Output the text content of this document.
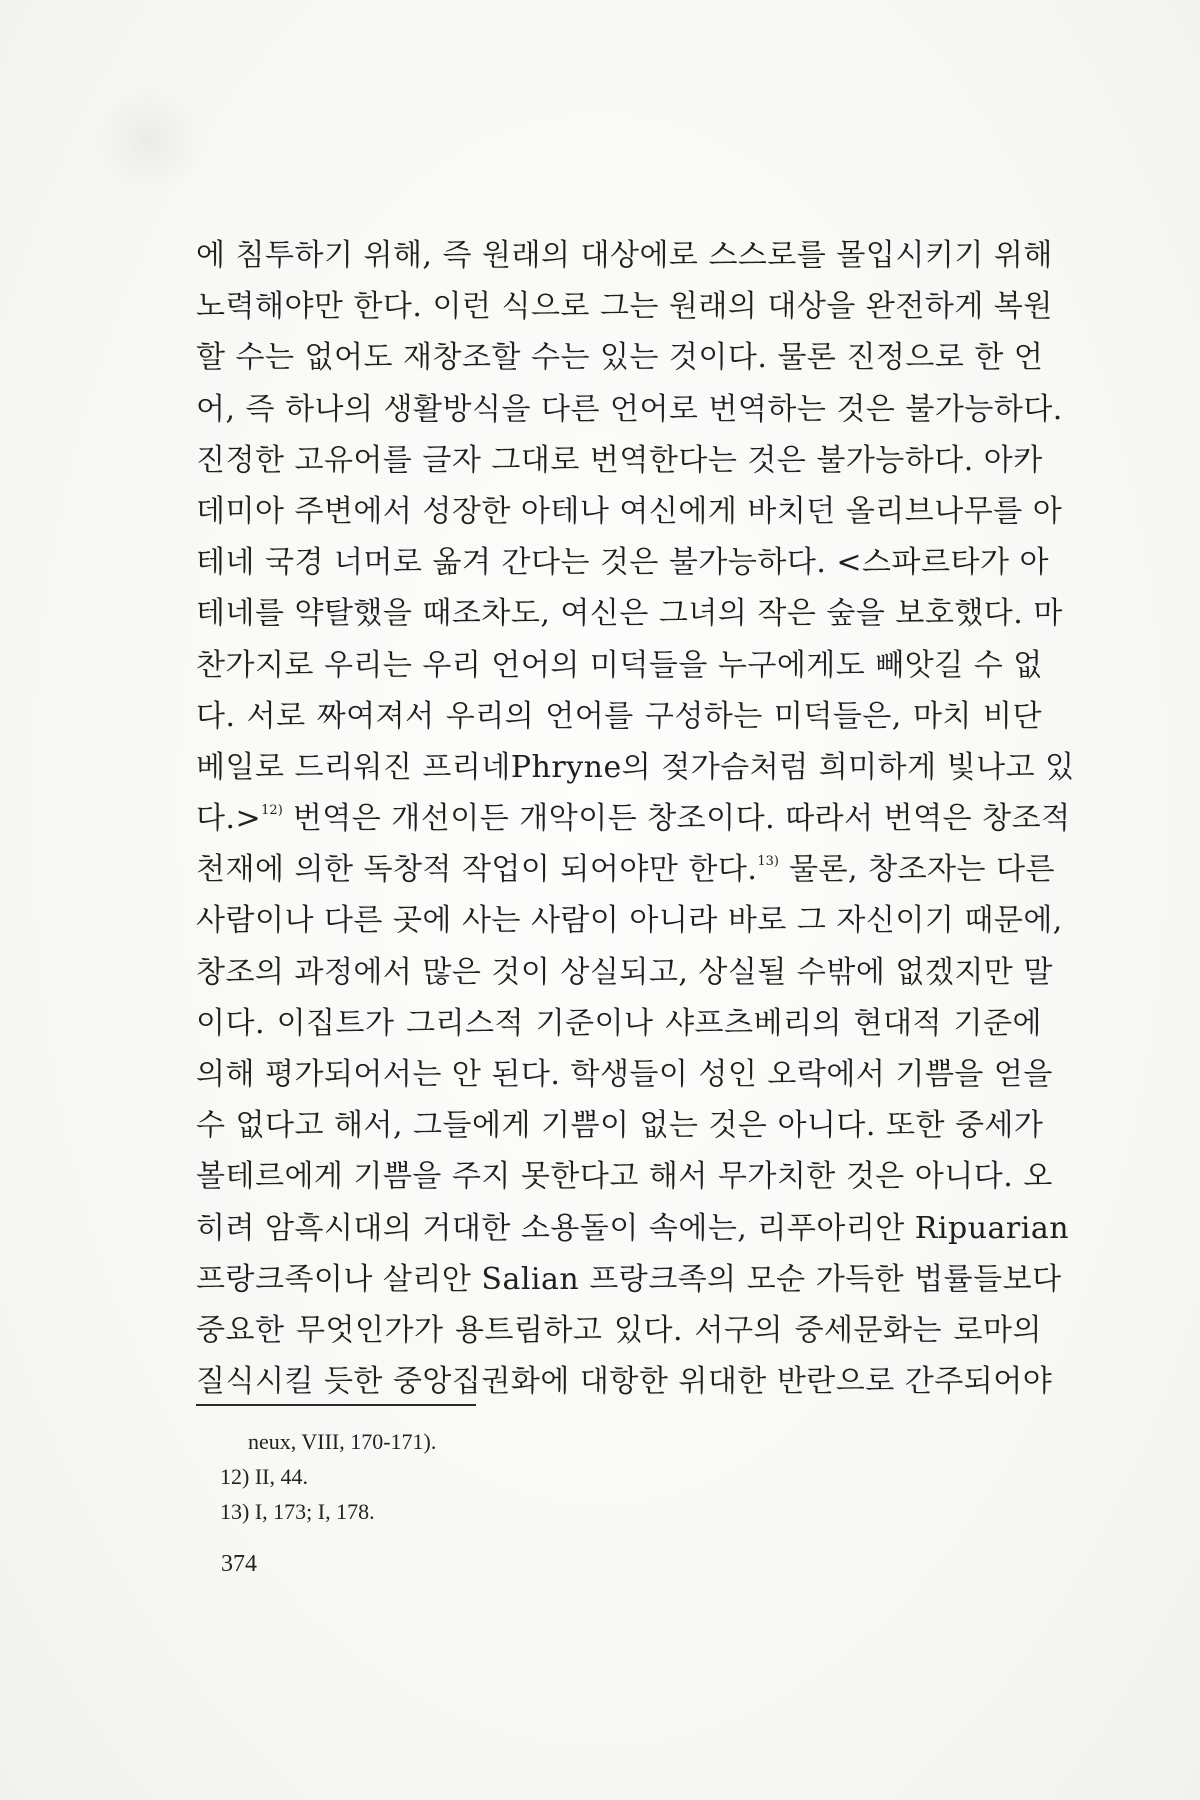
에 침투하기 위해, 즉 원래의 대상에로 스스로를 몰입시키기 위해
노력해야만 한다. 이런 식으로 그는 원래의 대상을 완전하게 복원
할 수는 없어도 재창조할 수는 있는 것이다. 물론 진정으로 한 언
어, 즉 하나의 생활방식을 다른 언어로 번역하는 것은 불가능하다.
진정한 고유어를 글자 그대로 번역한다는 것은 불가능하다. 아카
데미아 주변에서 성장한 아테나 여신에게 바치던 올리브나무를 아
테네 국경 너머로 옮겨 간다는 것은 불가능하다. <스파르타가 아
테네를 약탈했을 때조차도, 여신은 그녀의 작은 숲을 보호했다. 마
찬가지로 우리는 우리 언어의 미덕들을 누구에게도 빼앗길 수 없
다. 서로 짜여져서 우리의 언어를 구성하는 미덕들은, 마치 비단
베일로 드리워진 프리네Phryne의 젖가슴처럼 희미하게 빛나고 있
다.>$^{12)}$ 번역은 개선이든 개악이든 창조이다. 따라서 번역은 창조적
천재에 의한 독창적 작업이 되어야만 한다.$^{13)}$ 물론, 창조자는 다른
사람이나 다른 곳에 사는 사람이 아니라 바로 그 자신이기 때문에,
창조의 과정에서 많은 것이 상실되고, 상실될 수밖에 없겠지만 말
이다. 이집트가 그리스적 기준이나 샤프츠베리의 현대적 기준에
의해 평가되어서는 안 된다. 학생들이 성인 오락에서 기쁨을 얻을
수 없다고 해서, 그들에게 기쁨이 없는 것은 아니다. 또한 중세가
볼테르에게 기쁨을 주지 못한다고 해서 무가치한 것은 아니다. 오
히려 암흑시대의 거대한 소용돌이 속에는, 리푸아리안 Ripuarian
프랑크족이나 살리안 Salian 프랑크족의 모순 가득한 법률들보다
중요한 무엇인가가 용트림하고 있다. 서구의 중세문화는 로마의
질식시킬 듯한 중앙집권화에 대항한 위대한 반란으로 간주되어야
neux, VIII, 170-171).
12) II, 44.
13) I, 173; I, 178.
374
